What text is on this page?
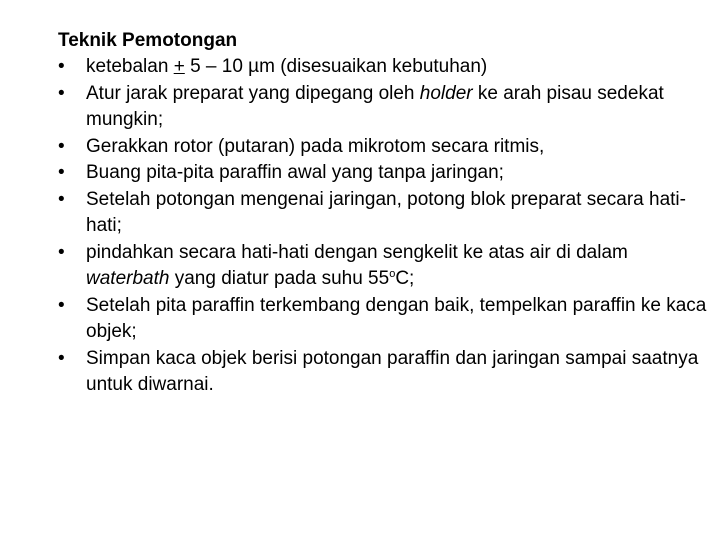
Teknik Pemotongan

•	ketebalan + 5 – 10 µm (disesuaikan kebutuhan)
•	Atur jarak preparat yang dipegang oleh holder ke arah pisau sedekat mungkin;
•	Gerakkan rotor (putaran) pada mikrotom secara ritmis,
•	Buang pita-pita paraffin awal yang tanpa jaringan;
•	Setelah potongan mengenai jaringan, potong blok preparat secara hati-hati;
•	pindahkan secara hati-hati dengan sengkelit ke atas air di dalam waterbath yang diatur pada suhu 55$^o$C;
•	Setelah pita paraffin terkembang dengan baik, tempelkan paraffin ke kaca objek;
•	Simpan kaca objek berisi potongan paraffin dan jaringan sampai saatnya untuk diwarnai.
